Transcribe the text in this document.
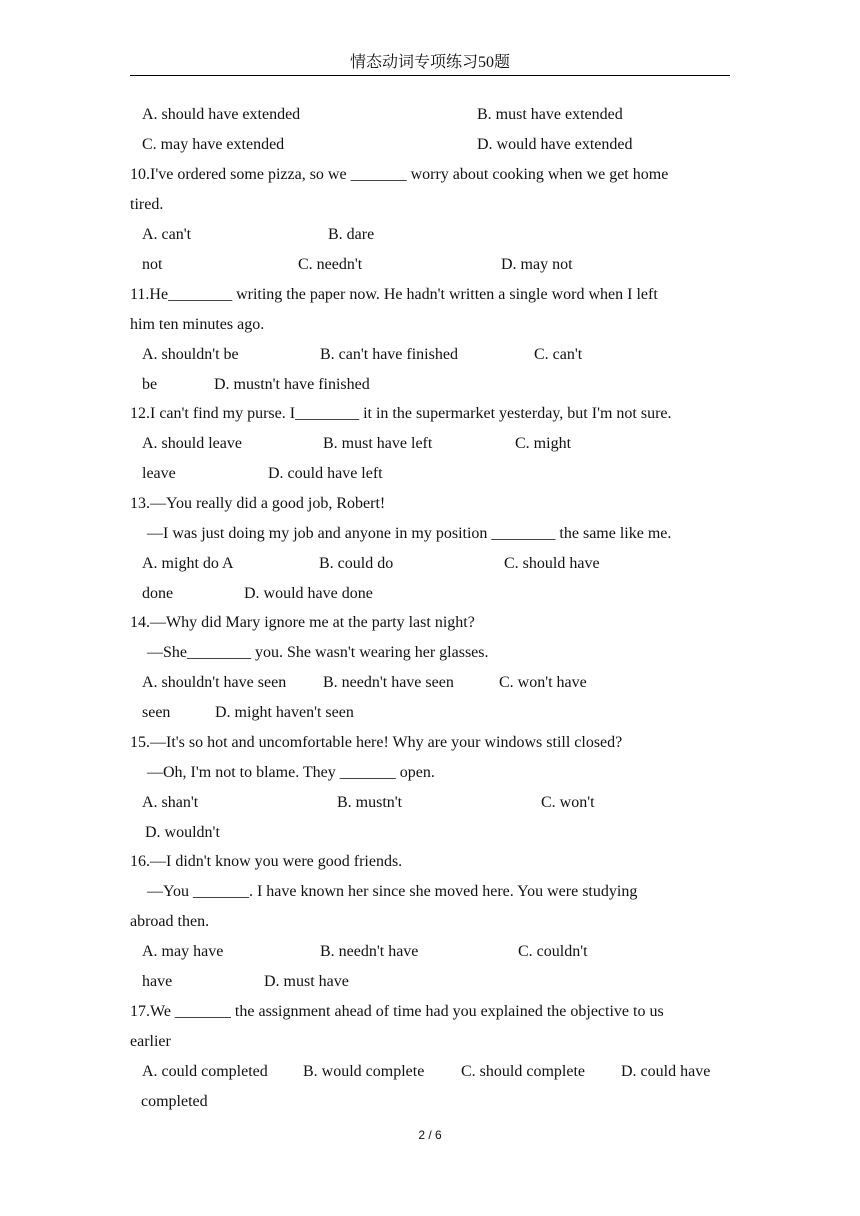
情态动词专项练习50题
A. should have extended	B. must have extended
C. may have extended	D. would have extended
10.I've ordered some pizza, so we _______ worry about cooking when we get home
tired.
A. can't	B. dare
not	C. needn't	D. may not
11.He________ writing the paper now. He hadn't written a single word when I left
him ten minutes ago.
A. shouldn't be	B. can't have finished	C. can't
be	D. mustn't have finished
12.I can't find my purse. I________ it in the supermarket yesterday, but I'm not sure.
A. should leave	B. must have left	C. might
leave	D. could have left
13.—You really did a good job, Robert!
—I was just doing my job and anyone in my position ________ the same like me.
A. might do A	B. could do	C. should have
done	D. would have done
14.—Why did Mary ignore me at the party last night?
—She________ you. She wasn't wearing her glasses.
A. shouldn't have seen B. needn't have seen	C. won't have
seen	D. might haven't seen
15.—It's so hot and uncomfortable here! Why are your windows still closed?
—Oh, I'm not to blame. They _______ open.
A. shan't	B. mustn't	C. won't
D. wouldn't
16.—I didn't know you were good friends.
—You _______. I have known her since she moved here. You were studying
abroad then.
A. may have	B. needn't have	C. couldn't
have	D. must have
17.We _______ the assignment ahead of time had you explained the objective to us
earlier
A. could completed B. would complete C. should complete D. could have
completed
2 / 6
